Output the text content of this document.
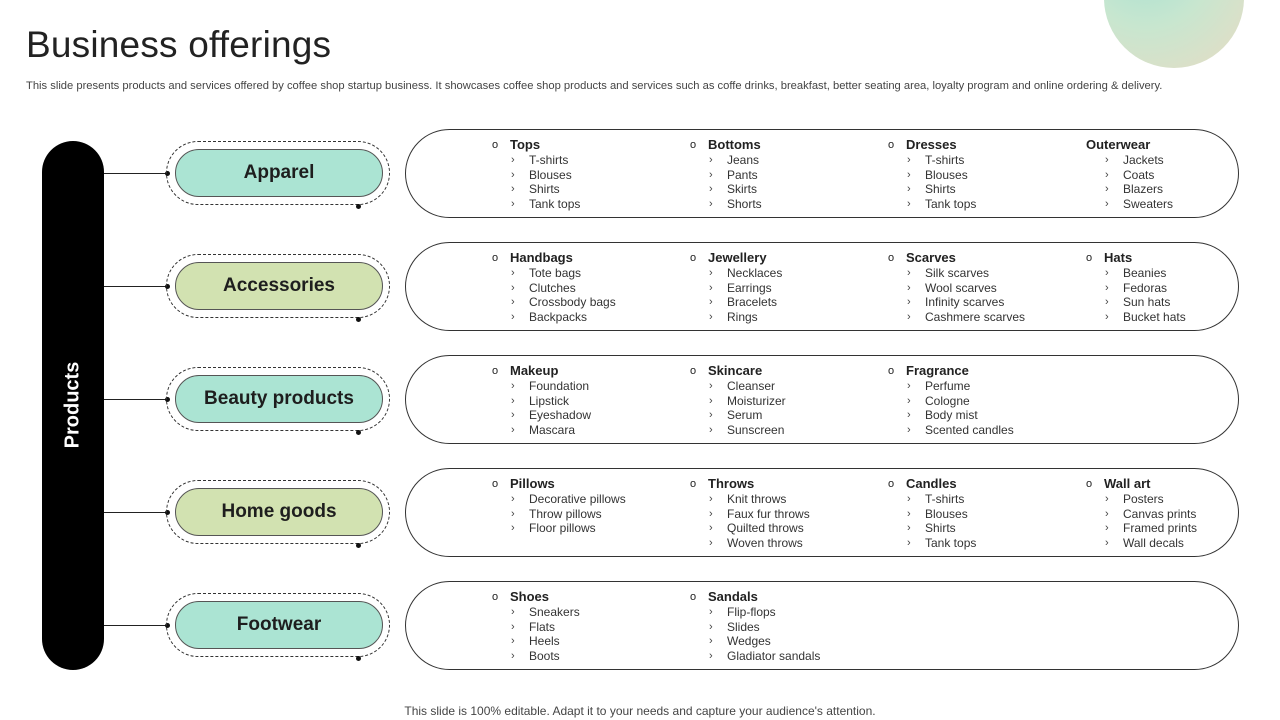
Business offerings
This slide presents products and services offered by coffee shop startup business. It showcases coffee shop products and services such as coffe drinks, breakfast, better seating area, loyalty program and online ordering & delivery.
Products
Apparel
o Tops
› T-shirts
› Blouses
› Shirts
› Tank tops
o Bottoms
› Jeans
› Pants
› Skirts
› Shorts
o Dresses
› T-shirts
› Blouses
› Shirts
› Tank tops
Outerwear
› Jackets
› Coats
› Blazers
› Sweaters
Accessories
o Handbags
› Tote bags
› Clutches
› Crossbody bags
› Backpacks
o Jewellery
› Necklaces
› Earrings
› Bracelets
› Rings
o Scarves
› Silk scarves
› Wool scarves
› Infinity scarves
› Cashmere scarves
o Hats
› Beanies
› Fedoras
› Sun hats
› Bucket hats
Beauty products
o Makeup
› Foundation
› Lipstick
› Eyeshadow
› Mascara
o Skincare
› Cleanser
› Moisturizer
› Serum
› Sunscreen
o Fragrance
› Perfume
› Cologne
› Body mist
› Scented candles
Home goods
o Pillows
› Decorative pillows
› Throw pillows
› Floor pillows
o Throws
› Knit throws
› Faux fur throws
› Quilted throws
› Woven throws
o Candles
› T-shirts
› Blouses
› Shirts
› Tank tops
o Wall art
› Posters
› Canvas prints
› Framed prints
› Wall decals
Footwear
o Shoes
› Sneakers
› Flats
› Heels
› Boots
o Sandals
› Flip-flops
› Slides
› Wedges
› Gladiator sandals
This slide is 100% editable. Adapt it to your needs and capture your audience's attention.
